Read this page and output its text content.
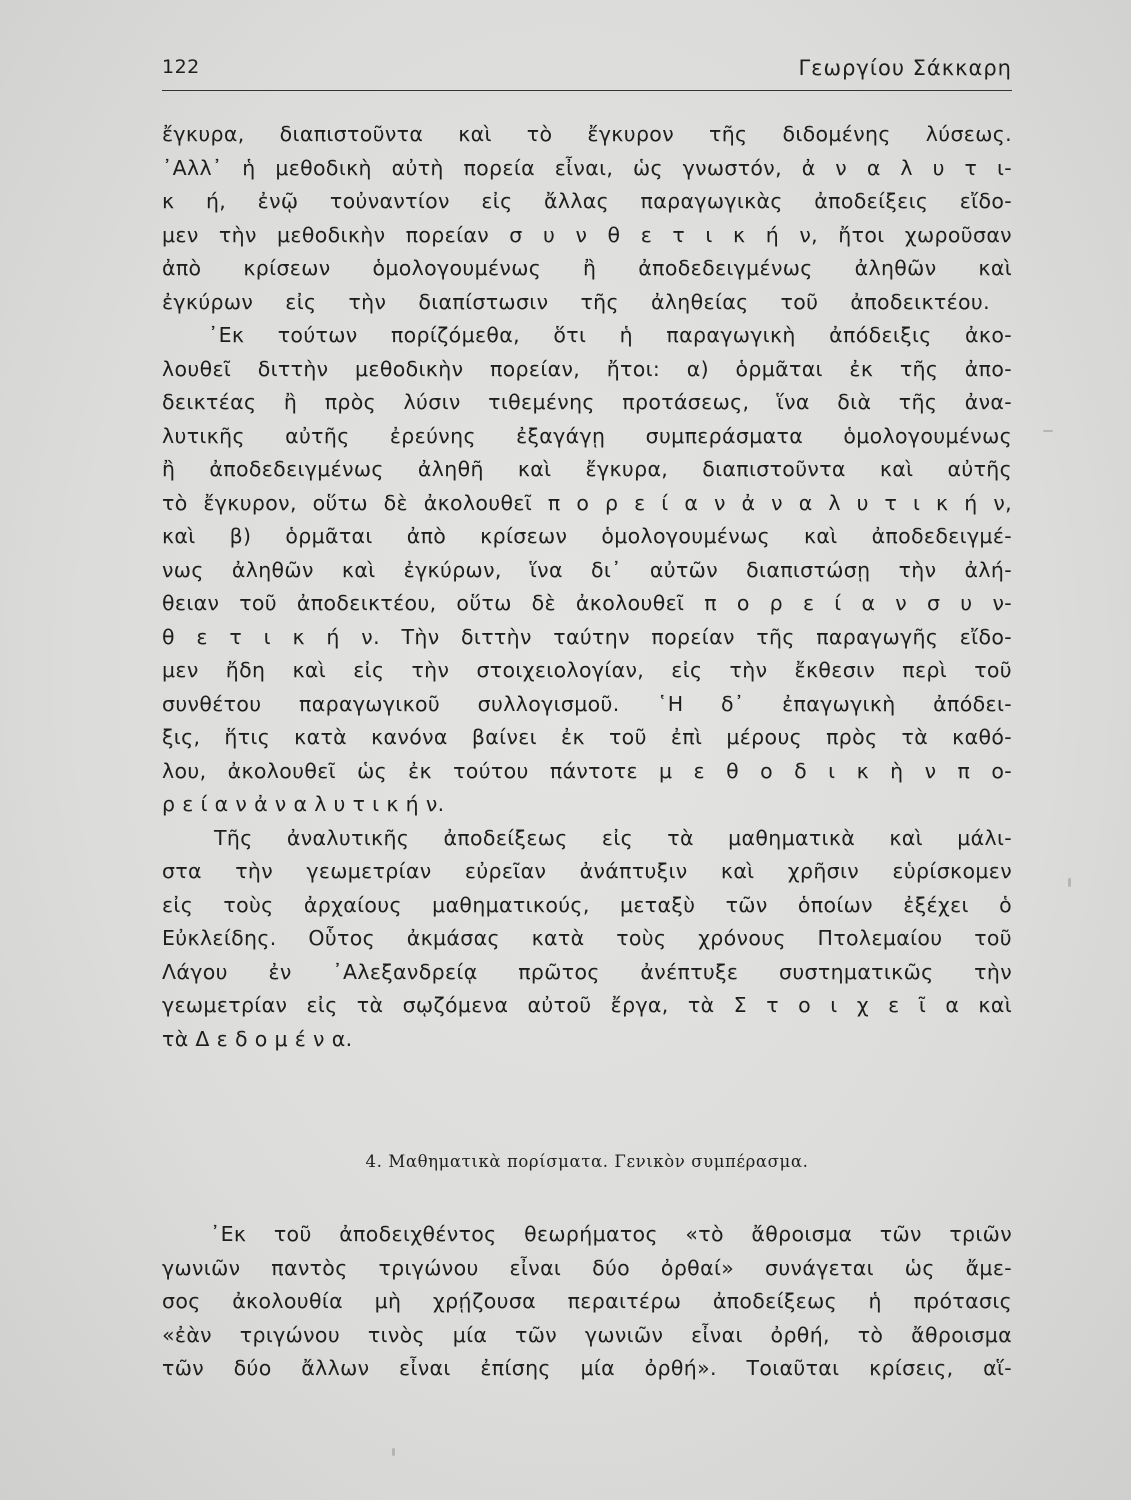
122	Γεωργίου Σάκκαρη
ἔγκυρα, διαπιστοῦντα καὶ τὸ ἔγκυρον τῆς διδομένης λύσεως.
᾿Αλλ᾿ ἡ μεθοδικὴ αὐτὴ πορεία εἶναι, ὡς γνωστόν, ἀ ν α λ υ τ ι-
κ ή, ἐνῷ τοὐναντίον εἰς ἄλλας παραγωγικὰς ἀποδείξεις εἴδο-
μεν τὴν μεθοδικὴν πορείαν σ υ ν θ ε τ ι κ ή ν, ἤτοι χωροῦσαν
ἀπὸ κρίσεων ὁμολογουμένως ἢ ἀποδεδειγμένως ἀληθῶν καὶ
ἐγκύρων εἰς τὴν διαπίστωσιν τῆς ἀληθείας τοῦ ἀποδεικτέου.
᾿Εκ τούτων πορίζόμεθα, ὅτι ἡ παραγωγικὴ ἀπόδειξις ἀκο-
λουθεῖ διττὴν μεθοδικὴν πορείαν, ἤτοι: α) ὁρμᾶται ἐκ τῆς ἀπο-
δεικτέας ἢ πρὸς λύσιν τιθεμένης προτάσεως, ἵνα διὰ τῆς ἀνα-
λυτικῆς αὐτῆς ἐρεύνης ἐξαγάγῃ συμπεράσματα ὁμολογουμένως
ἢ ἀποδεδειγμένως ἀληθῆ καὶ ἔγκυρα, διαπιστοῦντα καὶ αὐτῆς
τὸ ἔγκυρον, οὕτω δὲ ἀκολουθεῖ π ο ρ ε ί α ν ἀ ν α λ υ τ ι κ ή ν,
καὶ β) ὁρμᾶται ἀπὸ κρίσεων ὁμολογουμένως καὶ ἀποδεδειγμέ-
νως ἀληθῶν καὶ ἐγκύρων, ἵνα δι᾿ αὐτῶν διαπιστώσῃ τὴν ἀλή-
θειαν τοῦ ἀποδεικτέου, οὕτω δὲ ἀκολουθεῖ π ο ρ ε ί α ν σ υ ν-
θ ε τ ι κ ή ν. Τὴν διττὴν ταύτην πορείαν τῆς παραγωγῆς εἴδο-
μεν ἤδη καὶ εἰς τὴν στοιχειολογίαν, εἰς τὴν ἔκθεσιν περὶ τοῦ
συνθέτου παραγωγικοῦ συλλογισμοῦ. ῾Η δ᾿ ἐπαγωγικὴ ἀπόδει-
ξις, ἥτις κατὰ κανόνα βαίνει ἐκ τοῦ ἐπὶ μέρους πρὸς τὰ καθό-
λου, ἀκολουθεῖ ὡς ἐκ τούτου πάντοτε μ ε θ ο δ ι κ ὴ ν π ο-
ρ ε ί α ν ἀ ν α λ υ τ ι κ ή ν.
Τῆς ἀναλυτικῆς ἀποδείξεως εἰς τὰ μαθηματικὰ καὶ μάλι-
στα τὴν γεωμετρίαν εὐρεῖαν ἀνάπτυξιν καὶ χρῆσιν εὑρίσκομεν
εἰς τοὺς ἀρχαίους μαθηματικούς, μεταξὺ τῶν ὁποίων ἐξέχει ὁ
Εὐκλείδης. Οὗτος ἀκμάσας κατὰ τοὺς χρόνους Πτολεμαίου τοῦ
Λάγου ἐν ᾿Αλεξανδρείᾳ πρῶτος ἀνέπτυξε συστηματικῶς τὴν
γεωμετρίαν εἰς τὰ σῳζόμενα αὐτοῦ ἔργα, τὰ Σ τ ο ι χ ε ῖ α καὶ
τὰ Δ ε δ ο μ έ ν α.
4. Μαθηματικὰ πορίσματα. Γενικὸν συμπέρασμα.
᾿Εκ τοῦ ἀποδειχθέντος θεωρήματος «τὸ ἄθροισμα τῶν τριῶν
γωνιῶν παντὸς τριγώνου εἶναι δύο ὀρθαί» συνάγεται ὡς ἄμε-
σος ἀκολουθία μὴ χρῄζουσα περαιτέρω ἀποδείξεως ἡ πρότασις
«ἐὰν τριγώνου τινὸς μία τῶν γωνιῶν εἶναι ὀρθή, τὸ ἄθροισμα
τῶν δύο ἄλλων εἶναι ἐπίσης μία ὀρθή». Τοιαῦται κρίσεις, αἵ-
